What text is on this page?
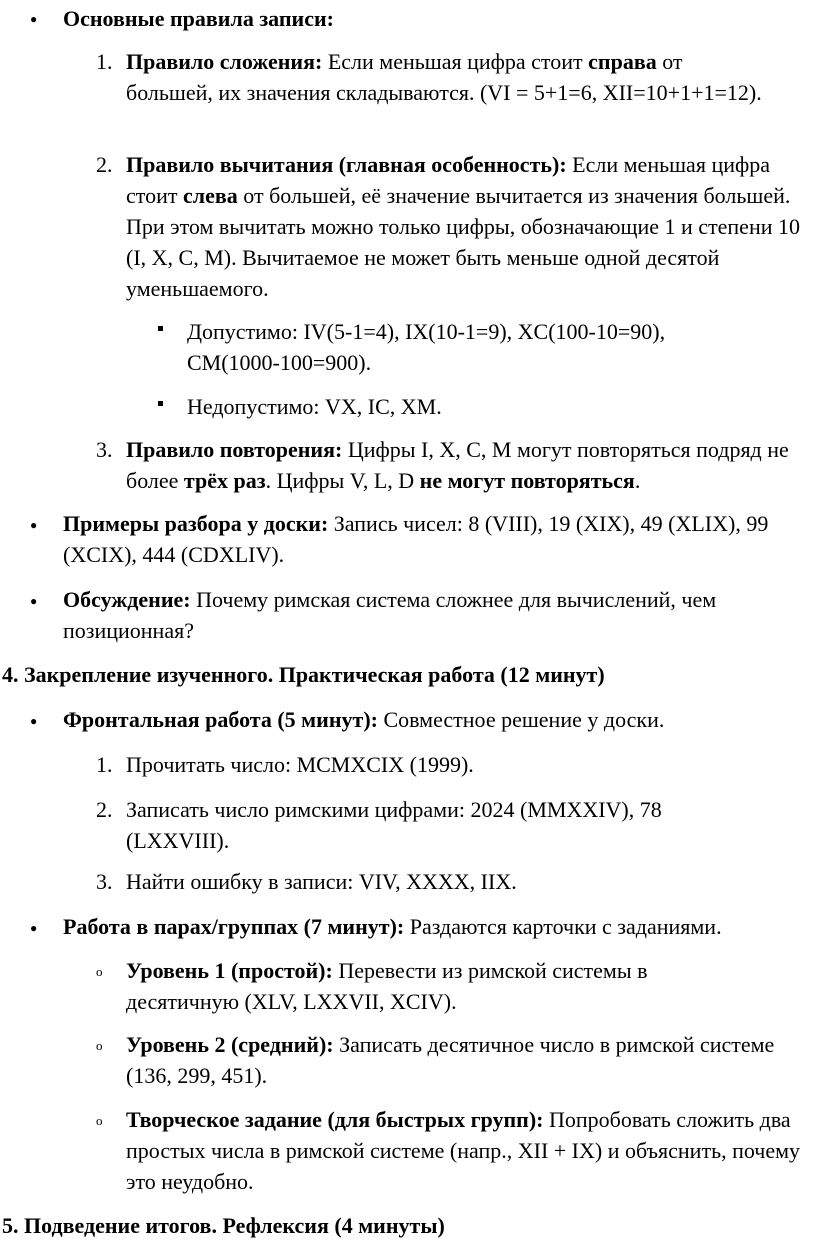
● Основные правила записи:

1. Правило сложения: Если меньшая цифра стоит справа от большей, их значения складываются. (VI = 5+1=6, XII=10+1+1=12).

2. Правило вычитания (главная особенность): Если меньшая цифра стоит слева от большей, её значение вычитается из значения большей. При этом вычитать можно только цифры, обозначающие 1 и степени 10 (I, X, C, M). Вычитаемое не может быть меньше одной десятой уменьшаемого.

Допустимо: IV(5-1=4), IX(10-1=9), XC(100-10=90), CM(1000-100=900).

Недопустимо: VX, IC, XM.

3. Правило повторения: Цифры I, X, C, M могут повторяться подряд не более трёх раз. Цифры V, L, D не могут повторяться.

● Примеры разбора у доски: Запись чисел: 8 (VIII), 19 (XIX), 49 (XLIX), 99 (XCIX), 444 (CDXLIV).

● Обсуждение: Почему римская система сложнее для вычислений, чем позиционная?

4. Закрепление изученного. Практическая работа (12 минут)
● Фронтальная работа (5 минут): Совместное решение у доски.

1. Прочитать число: MCMXCIX (1999).

2. Записать число римскими цифрами: 2024 (MMXXIV), 78 (LXXVIII).

3. Найти ошибку в записи: VIV, XXXX, IIX.

● Работа в парах/группах (7 минут): Раздаются карточки с заданиями.

o Уровень 1 (простой): Перевести из римской системы в десятичную (XLV, LXXVII, XCIV).

o Уровень 2 (средний): Записать десятичное число в римской системе (136, 299, 451).

o Творческое задание (для быстрых групп): Попробовать сложить два простых числа в римской системе (напр., XII + IX) и объяснить, почему это неудобно.

5. Подведение итогов. Рефлексия (4 минуты)
